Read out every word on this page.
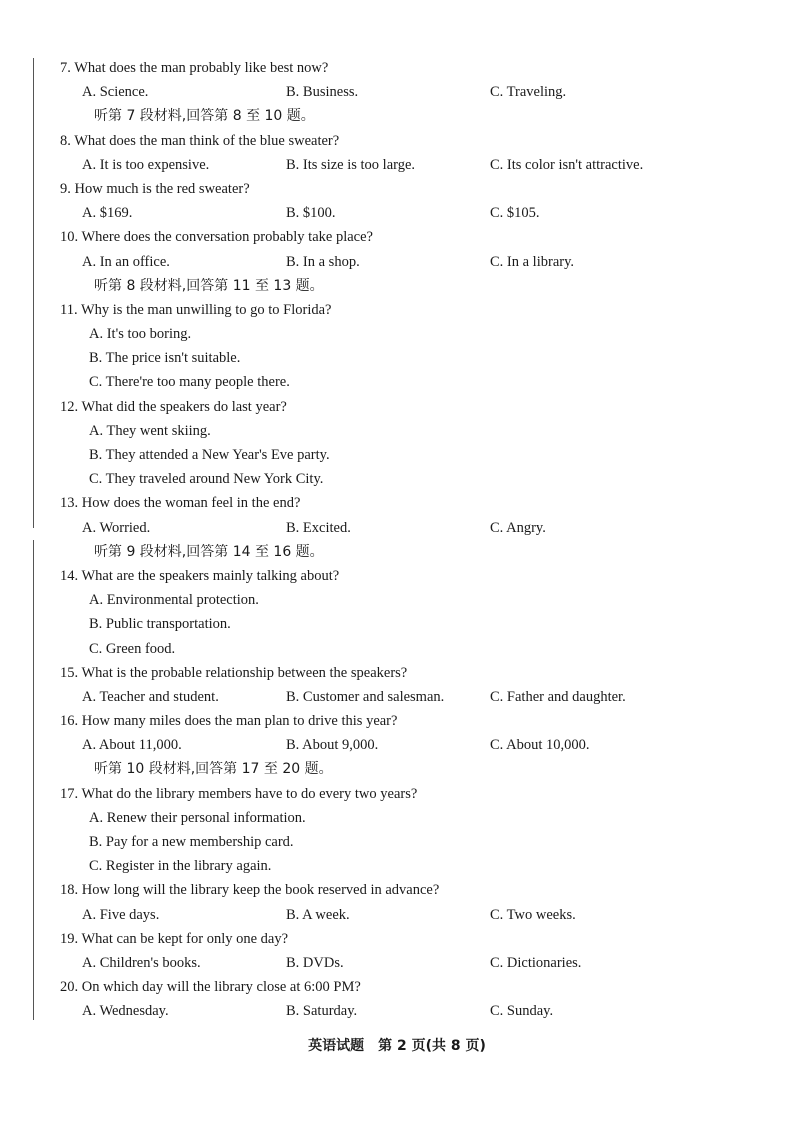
7. What does the man probably like best now?
A. Science.	B. Business.	C. Traveling.
听第 7 段材料,回答第 8 至 10 题。
8. What does the man think of the blue sweater?
A. It is too expensive.	B. Its size is too large.	C. Its color isn't attractive.
9. How much is the red sweater?
A. $169.	B. $100.	C. $105.
10. Where does the conversation probably take place?
A. In an office.	B. In a shop.	C. In a library.
听第 8 段材料,回答第 11 至 13 题。
11. Why is the man unwilling to go to Florida?
A. It's too boring.
B. The price isn't suitable.
C. There're too many people there.
12. What did the speakers do last year?
A. They went skiing.
B. They attended a New Year's Eve party.
C. They traveled around New York City.
13. How does the woman feel in the end?
A. Worried.	B. Excited.	C. Angry.
听第 9 段材料,回答第 14 至 16 题。
14. What are the speakers mainly talking about?
A. Environmental protection.
B. Public transportation.
C. Green food.
15. What is the probable relationship between the speakers?
A. Teacher and student.	B. Customer and salesman.	C. Father and daughter.
16. How many miles does the man plan to drive this year?
A. About 11,000.	B. About 9,000.	C. About 10,000.
听第 10 段材料,回答第 17 至 20 题。
17. What do the library members have to do every two years?
A. Renew their personal information.
B. Pay for a new membership card.
C. Register in the library again.
18. How long will the library keep the book reserved in advance?
A. Five days.	B. A week.	C. Two weeks.
19. What can be kept for only one day?
A. Children's books.	B. DVDs.	C. Dictionaries.
20. On which day will the library close at 6:00 PM?
A. Wednesday.	B. Saturday.	C. Sunday.
英语试题　第 2 页(共 8 页)
